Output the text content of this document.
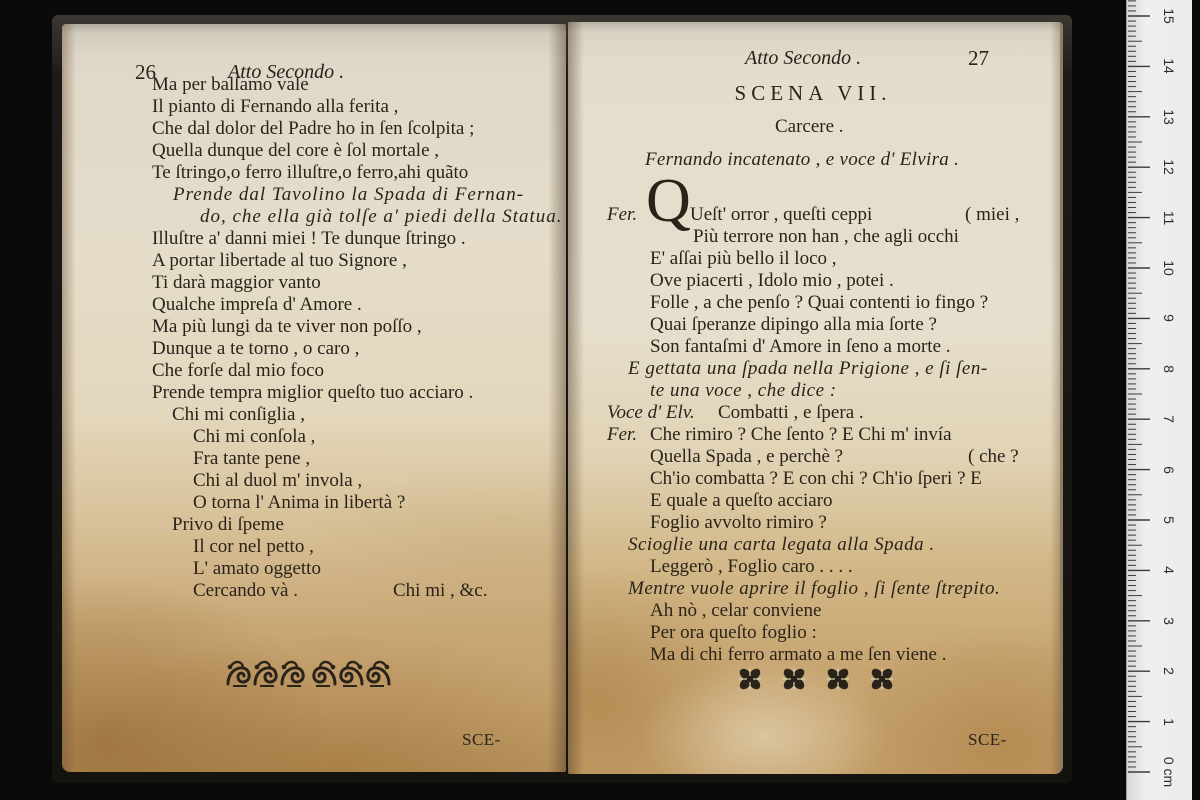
26	Atto Secondo .
Ma per balſamo vale
Il pianto di Fernando alla ferita ,
Che dal dolor del Padre ho in ſen ſcolpita ;
Quella dunque del core è ſol mortale ,
Te ſtringo,o ferro illuſtre,o ferro,ahi quãto
Prende dal Tavolino la Spada di Fernan-
do, che ella già tolſe a' piedi della Statua.
Illuſtre a' danni miei ! Te dunque ſtringo .
A portar libertade al tuo Signore ,
Ti darà maggior vanto
Qualche impreſa d' Amore .
Ma più lungi da te viver non poſſo ,
Dunque a te torno , o caro ,
Che forſe dal mio foco
Prende tempra miglior queſto tuo acciaro .
Chi mi conſiglia ,
Chi mi conſola ,
Fra tante pene ,
Chi al duol m' invola ,
O torna l' Anima in libertà ?
Privo di ſpeme
Il cor nel petto ,
L' amato oggetto
Cercando và .	Chi mi , &c.
SCE-
Atto Secondo .	27
SCENA VII.
Carcere .
Fernando incatenato , e voce d' Elvira .
Q
Fer.	Ueſt' orror , queſti ceppi	( miei ,
Più terrore non han , che agli occhi
E' aſſai più bello il loco ,
Ove piacerti , Idolo mio , potei .
Folle , a che penſo ? Quai contenti io fingo ?
Quai ſperanze dipingo alla mia ſorte ?
Son fantaſmi d' Amore in ſeno a morte .
E gettata una ſpada nella Prigione , e ſi ſen-
te una voce , che dice :
Voce d' Elv. Combatti , e ſpera .
Fer. Che rimiro ? Che ſento ? E Chi m' invía
Quella Spada , e perchè ?	( che ?
Ch'io combatta ? E con chi ? Ch'io ſperi ? E
E quale a queſto acciaro
Foglio avvolto rimiro ?
Scioglie una carta legata alla Spada .
Leggerò , Foglio caro . . . .
Mentre vuole aprire il foglio , ſi ſente ſtrepito.
Ah nò , celar conviene
Per ora queſto foglio :
Ma di chi ferro armato a me ſen viene .
SCE-
15
14
13
12
11
10
9
8
7
6
5
4
3
2
1
0 cm
